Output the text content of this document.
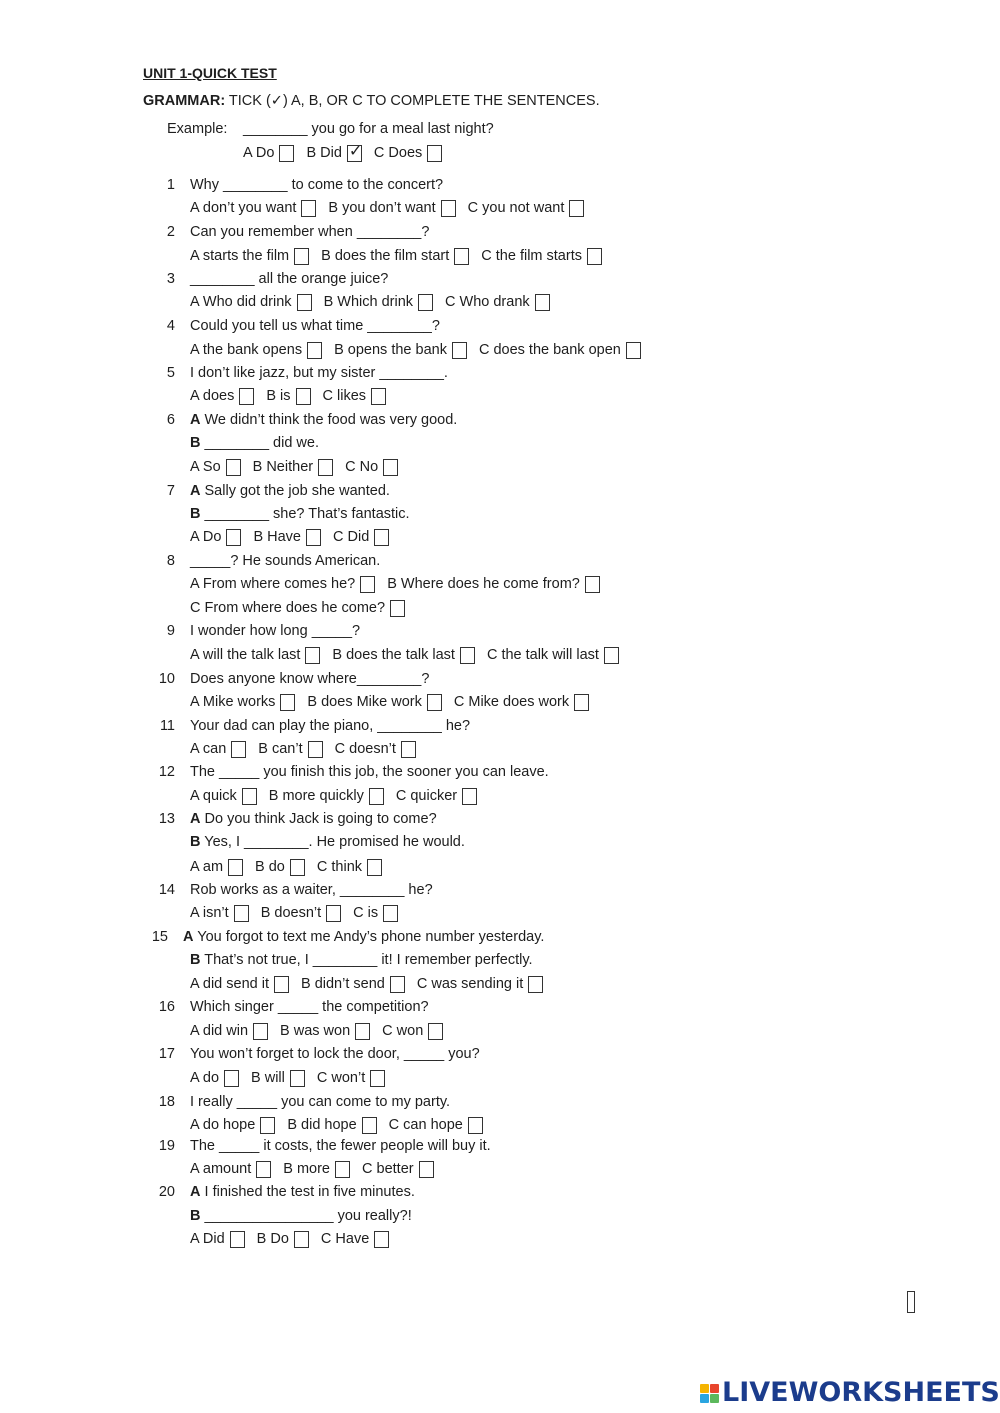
UNIT 1-QUICK TEST
GRAMMAR: TICK (✓) A, B, OR C TO COMPLETE THE SENTENCES.
Example: ________ you go for a meal last night?
A Do B Did ✓ C Does
1 Why ________ to come to the concert?
A don’t you want B you don’t want C you not want
2 Can you remember when ________?
A starts the film B does the film start C the film starts
3 ________ all the orange juice?
A Who did drink B Which drink C Who drank
4 Could you tell us what time ________?
A the bank opens B opens the bank C does the bank open
5 I don’t like jazz, but my sister ________.
A does B is C likes
6 A We didn’t think the food was very good.
B ________ did we.
A So B Neither C No
7 A Sally got the job she wanted.
B ________ she? That’s fantastic.
A Do B Have C Did
8 _____? He sounds American.
A From where comes he? B Where does he come from?
C From where does he come?
9 I wonder how long _____?
A will the talk last B does the talk last C the talk will last
10 Does anyone know where________?
A Mike works B does Mike work C Mike does work
11 Your dad can play the piano, ________ he?
A can B can’t C doesn’t
12 The _____ you finish this job, the sooner you can leave.
A quick B more quickly C quicker
13 A Do you think Jack is going to come?
B Yes, I ________. He promised he would.
A am B do C think
14 Rob works as a waiter, ________ he?
A isn’t B doesn’t C is
15 A You forgot to text me Andy’s phone number yesterday.
B That’s not true, I ________ it! I remember perfectly.
A did send it B didn’t send C was sending it
16 Which singer _____ the competition?
A did win B was won C won
17 You won’t forget to lock the door, _____ you?
A do B will C won’t
18 I really _____ you can come to my party.
A do hope B did hope C can hope
19 The _____ it costs, the fewer people will buy it.
A amount B more C better
20 A I finished the test in five minutes.
B ________________ you really?!
A Did B Do C Have
LIVEWORKSHEETS
